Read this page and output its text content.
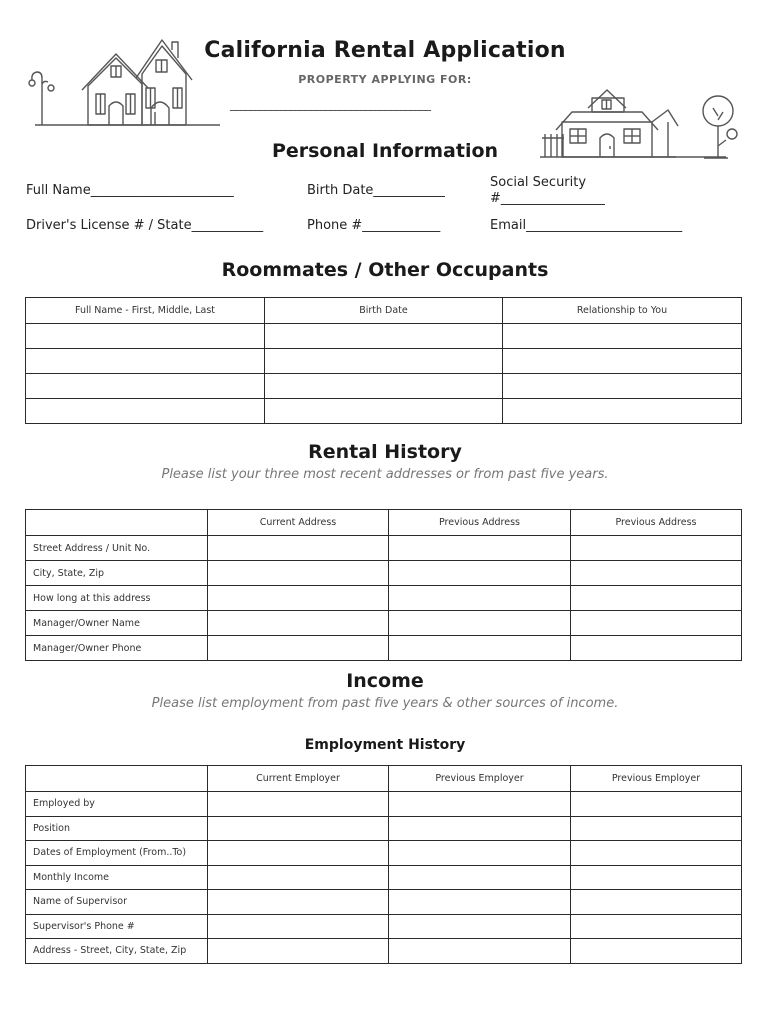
California Rental Application
PROPERTY APPLYING FOR:
________________________________________
Personal Information
Full Name______________________	Birth Date___________
Social Security
#________________
Driver's License # / State___________	Phone #____________	Email________________________
Roommates / Other Occupants
Full Name - First, Middle, Last	Birth Date	Relationship to You

Rental History
Please list your three most recent addresses or from past five years.
	Current Address	Previous Address	Previous Address
Street Address / Unit No.			
City, State, Zip			
How long at this address			
Manager/Owner Name			
Manager/Owner Phone			
Income
Please list employment from past five years & other sources of income.
Employment History
	Current Employer	Previous Employer	Previous Employer
Employed by			
Position			
Dates of Employment (From..To)			
Monthly Income			
Name of Supervisor			
Supervisor's Phone #			
Address - Street, City, State, Zip			
